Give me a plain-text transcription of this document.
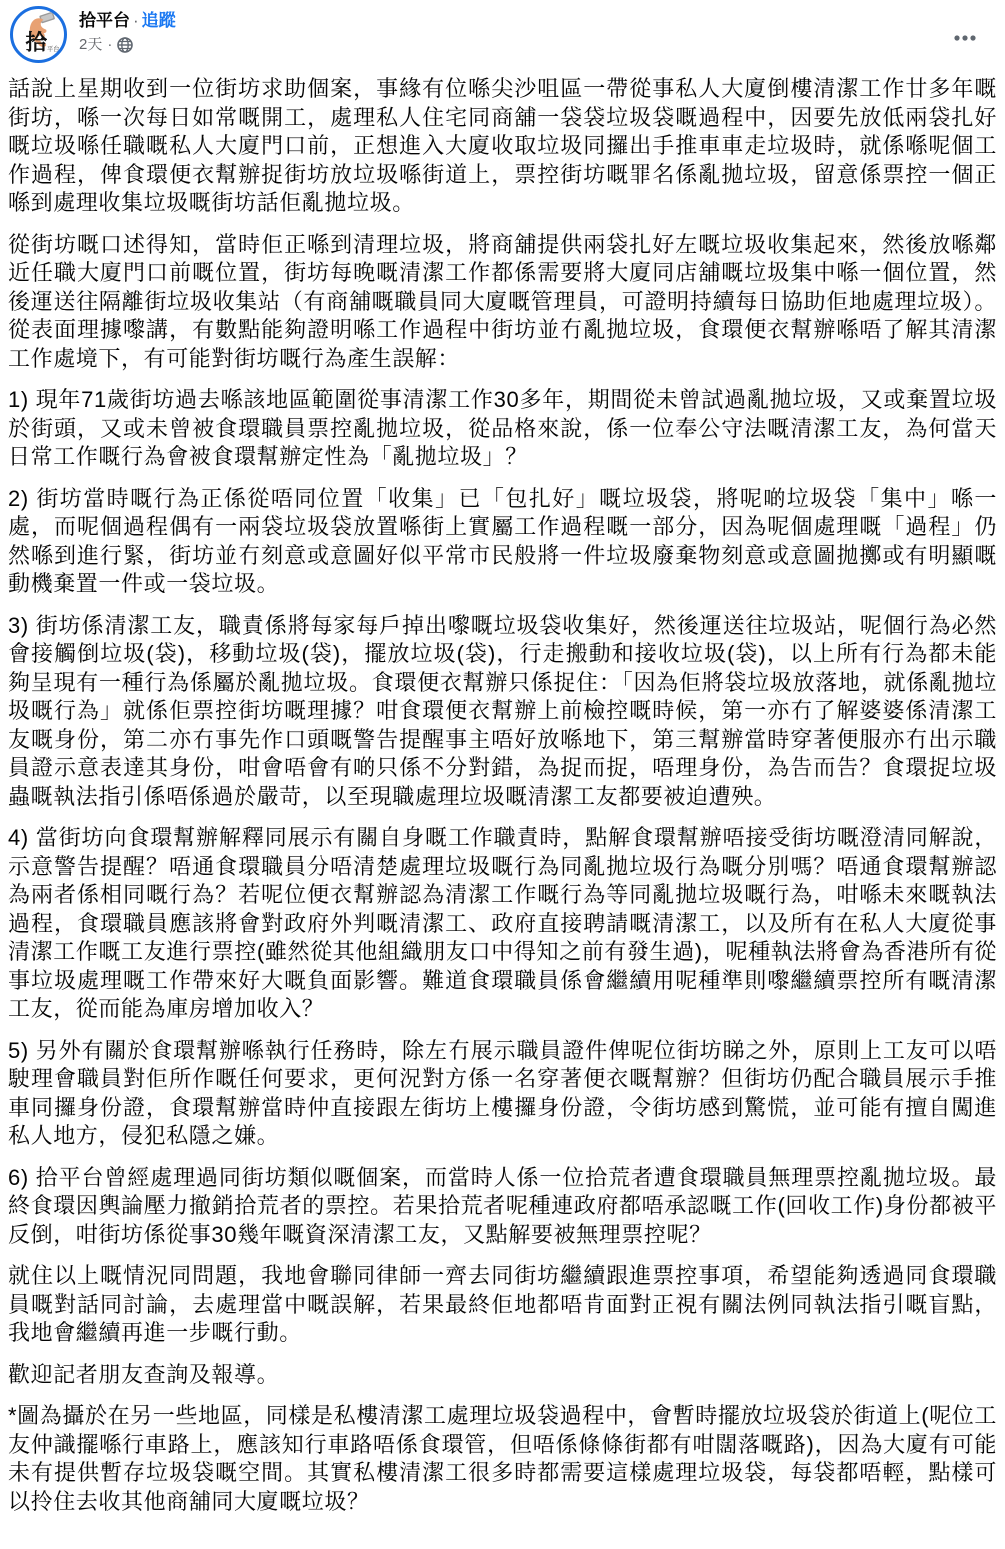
拾 平台
拾平台 · 追蹤
2天 ·

話說上星期收到一位街坊求助個案，事緣有位喺尖沙咀區一帶從事私人大廈倒樓清潔工作廿多年嘅街坊，喺一次每日如常嘅開工，處理私人住宅同商舖一袋袋垃圾袋嘅過程中，因要先放低兩袋扎好嘅垃圾喺任職嘅私人大廈門口前，正想進入大廈收取垃圾同攞出手推車車走垃圾時，就係喺呢個工作過程，俾食環便衣幫辦捉街坊放垃圾喺街道上，票控街坊嘅罪名係亂拋垃圾，留意係票控一個正喺到處理收集垃圾嘅街坊話佢亂拋垃圾。

從街坊嘅口述得知，當時佢正喺到清理垃圾，將商舖提供兩袋扎好左嘅垃圾收集起來，然後放喺鄰近任職大廈門口前嘅位置，街坊每晚嘅清潔工作都係需要將大廈同店舖嘅垃圾集中喺一個位置，然後運送往隔離街垃圾收集站（有商舖嘅職員同大廈嘅管理員，可證明持續每日協助佢地處理垃圾）。從表面理據嚟講，有數點能夠證明喺工作過程中街坊並冇亂拋垃圾，食環便衣幫辦喺唔了解其清潔工作處境下，有可能對街坊嘅行為產生誤解：

1) 現年71歲街坊過去喺該地區範圍從事清潔工作30多年，期間從未曾試過亂拋垃圾，又或棄置垃圾於街頭，又或未曾被食環職員票控亂拋垃圾，從品格來說，係一位奉公守法嘅清潔工友，為何當天日常工作嘅行為會被食環幫辦定性為「亂拋垃圾」？

2) 街坊當時嘅行為正係從唔同位置「收集」已「包扎好」嘅垃圾袋，將呢啲垃圾袋「集中」喺一處，而呢個過程偶有一兩袋垃圾袋放置喺街上實屬工作過程嘅一部分，因為呢個處理嘅「過程」仍然喺到進行緊，街坊並冇刻意或意圖好似平常市民般將一件垃圾廢棄物刻意或意圖拋擲或有明顯嘅動機棄置一件或一袋垃圾。

3) 街坊係清潔工友，職責係將每家每戶掉出嚟嘅垃圾袋收集好，然後運送往垃圾站，呢個行為必然會接觸倒垃圾(袋)，移動垃圾(袋)，擺放垃圾(袋)，行走搬動和接收垃圾(袋)，以上所有行為都未能夠呈現有一種行為係屬於亂拋垃圾。食環便衣幫辦只係捉住：「因為佢將袋垃圾放落地，就係亂拋垃圾嘅行為」就係佢票控街坊嘅理據？咁食環便衣幫辦上前檢控嘅時候，第一亦冇了解婆婆係清潔工友嘅身份，第二亦冇事先作口頭嘅警告提醒事主唔好放喺地下，第三幫辦當時穿著便服亦冇出示職員證示意表達其身份，咁會唔會有啲只係不分對錯，為捉而捉，唔理身份，為告而告？食環捉垃圾蟲嘅執法指引係唔係過於嚴苛，以至現職處理垃圾嘅清潔工友都要被迫遭殃。

4) 當街坊向食環幫辦解釋同展示有關自身嘅工作職責時，點解食環幫辦唔接受街坊嘅澄清同解說，示意警告提醒？唔通食環職員分唔清楚處理垃圾嘅行為同亂拋垃圾行為嘅分別嗎？唔通食環幫辦認為兩者係相同嘅行為？若呢位便衣幫辦認為清潔工作嘅行為等同亂拋垃圾嘅行為，咁喺未來嘅執法過程，食環職員應該將會對政府外判嘅清潔工、政府直接聘請嘅清潔工，以及所有在私人大廈從事清潔工作嘅工友進行票控(雖然從其他組織朋友口中得知之前有發生過)，呢種執法將會為香港所有從事垃圾處理嘅工作帶來好大嘅負面影響。難道食環職員係會繼續用呢種準則嚟繼續票控所有嘅清潔工友，從而能為庫房增加收入？

5) 另外有關於食環幫辦喺執行任務時，除左冇展示職員證件俾呢位街坊睇之外，原則上工友可以唔駛理會職員對佢所作嘅任何要求，更何況對方係一名穿著便衣嘅幫辦？但街坊仍配合職員展示手推車同攞身份證，食環幫辦當時仲直接跟左街坊上樓攞身份證，令街坊感到驚慌，並可能有擅自闖進私人地方，侵犯私隱之嫌。

6) 拾平台曾經處理過同街坊類似嘅個案，而當時人係一位拾荒者遭食環職員無理票控亂拋垃圾。最終食環因輿論壓力撤銷拾荒者的票控。若果拾荒者呢種連政府都唔承認嘅工作(回收工作)身份都被平反倒，咁街坊係從事30幾年嘅資深清潔工友，又點解要被無理票控呢？

就住以上嘅情況同問題，我地會聯同律師一齊去同街坊繼續跟進票控事項，希望能夠透過同食環職員嘅對話同討論，去處理當中嘅誤解，若果最終佢地都唔肯面對正視有關法例同執法指引嘅盲點，我地會繼續再進一步嘅行動。

歡迎記者朋友查詢及報導。

*圖為攝於在另一些地區，同樣是私樓清潔工處理垃圾袋過程中，會暫時擺放垃圾袋於街道上(呢位工友仲識擺喺行車路上，應該知行車路唔係食環管，但唔係條條街都有咁闊落嘅路)，因為大廈有可能未有提供暫存垃圾袋嘅空間。其實私樓清潔工很多時都需要這樣處理垃圾袋，每袋都唔輕，點樣可以拎住去收其他商舖同大廈嘅垃圾？
